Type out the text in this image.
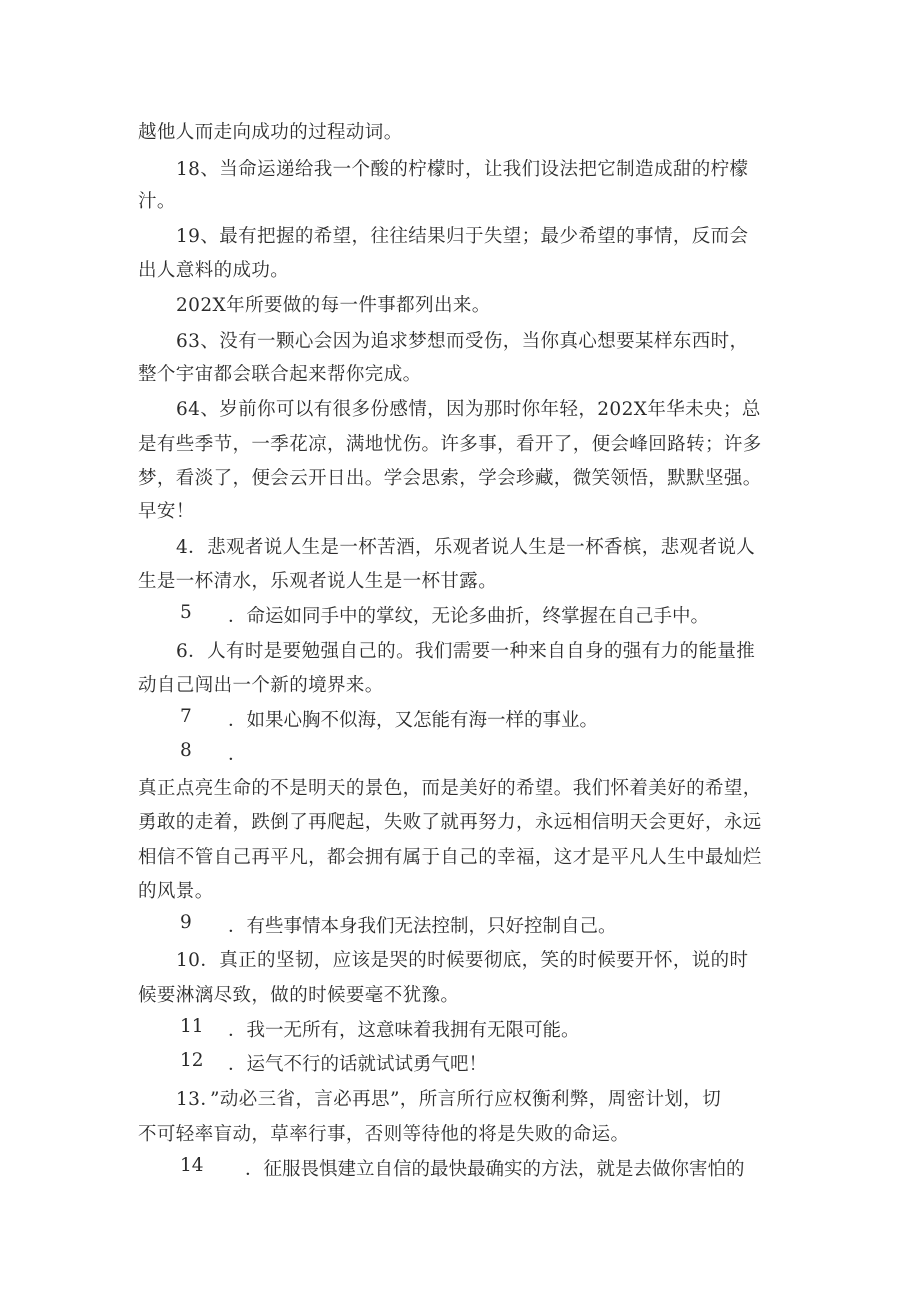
越他人而走向成功的过程动词。
18、当命运递给我一个酸的柠檬时，让我们设法把它制造成甜的柠檬
汁。
19、最有把握的希望，往往结果归于失望；最少希望的事情，反而会
出人意料的成功。
202X年所要做的每一件事都列出来。
63、没有一颗心会因为追求梦想而受伤，当你真心想要某样东西时，
整个宇宙都会联合起来帮你完成。
64、岁前你可以有很多份感情，因为那时你年轻，202X年华未央；总
是有些季节，一季花凉，满地忧伤。许多事，看开了，便会峰回路转；许多
梦，看淡了，便会云开日出。学会思索，学会珍藏，微笑领悟，默默坚强。
早安！
4．悲观者说人生是一杯苦酒，乐观者说人生是一杯香槟，悲观者说人
生是一杯清水，乐观者说人生是一杯甘露。
5 ．命运如同手中的掌纹，无论多曲折，终掌握在自己手中。
6．人有时是要勉强自己的。我们需要一种来自自身的强有力的能量推
动自己闯出一个新的境界来。
7 ．如果心胸不似海，又怎能有海一样的事业。
8 ．
真正点亮生命的不是明天的景色，而是美好的希望。我们怀着美好的希望，
勇敢的走着，跌倒了再爬起，失败了就再努力，永远相信明天会更好，永远
相信不管自己再平凡，都会拥有属于自己的幸福，这才是平凡人生中最灿烂
的风景。
9 ．有些事情本身我们无法控制，只好控制自己。
10．真正的坚韧，应该是哭的时候要彻底，笑的时候要开怀，说的时
候要淋漓尽致，做的时候要毫不犹豫。
11 ．我一无所有，这意味着我拥有无限可能。
12 ．运气不行的话就试试勇气吧！
13．”动必三省，言必再思”，所言所行应权衡利弊，周密计划，切
不可轻率盲动，草率行事，否则等待他的将是失败的命运。
14 ．征服畏惧建立自信的最快最确实的方法，就是去做你害怕的
